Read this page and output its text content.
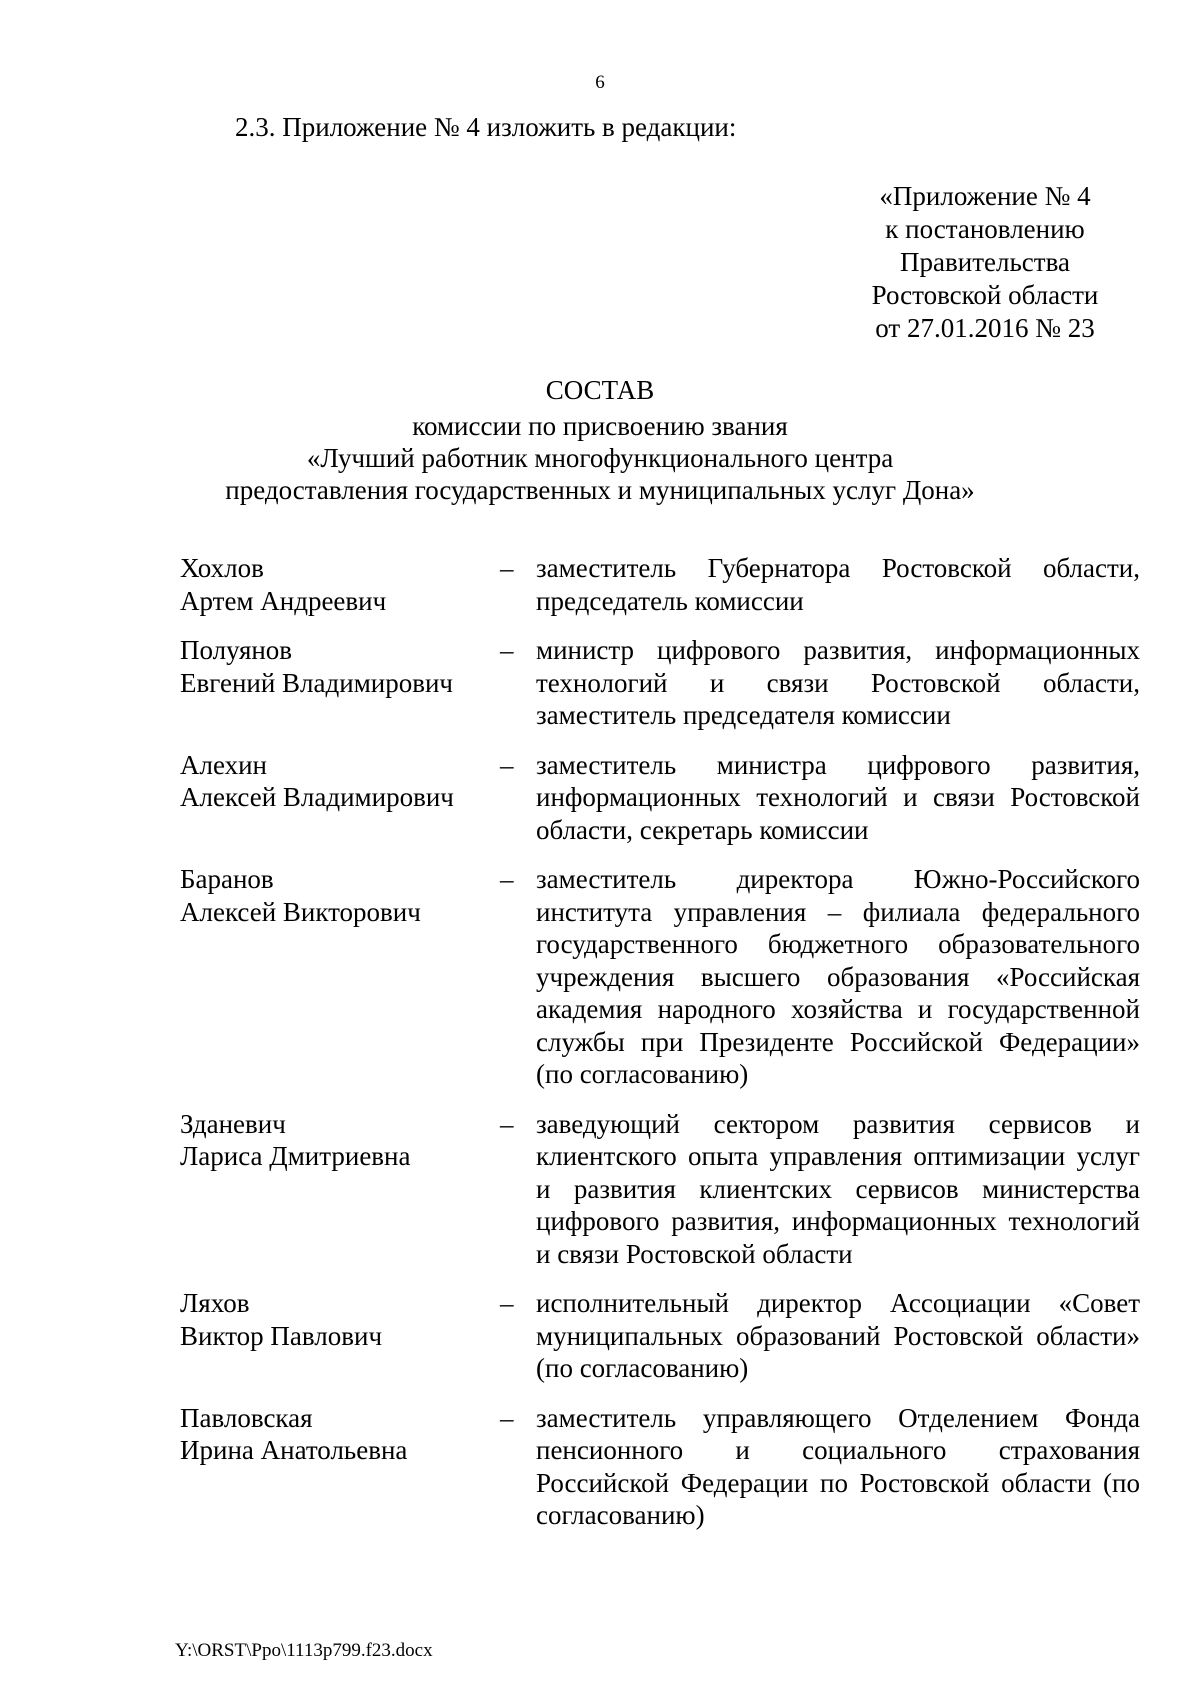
6
2.3. Приложение № 4 изложить в редакции:
«Приложение № 4
к постановлению
Правительства
Ростовской области
от 27.01.2016 № 23
СОСТАВ
комиссии по присвоению звания
«Лучший работник многофункционального центра
предоставления государственных и муниципальных услуг Дона»
Хохлов
Артем Андреевич
– заместитель Губернатора Ростовской области, председатель комиссии
Полуянов
Евгений Владимирович
– министр цифрового развития, информационных технологий и связи Ростовской области, заместитель председателя комиссии
Алехин
Алексей Владимирович
– заместитель министра цифрового развития, информационных технологий и связи Ростовской области, секретарь комиссии
Баранов
Алексей Викторович
– заместитель директора Южно-Российского института управления – филиала федерального государственного бюджетного образовательного учреждения высшего образования «Российская академия народного хозяйства и государственной службы при Президенте Российской Федерации» (по согласованию)
Зданевич
Лариса Дмитриевна
– заведующий сектором развития сервисов и клиентского опыта управления оптимизации услуг и развития клиентских сервисов министерства цифрового развития, информационных технологий и связи Ростовской области
Ляхов
Виктор Павлович
– исполнительный директор Ассоциации «Совет муниципальных образований Ростовской области» (по согласованию)
Павловская
Ирина Анатольевна
– заместитель управляющего Отделением Фонда пенсионного и социального страхования Российской Федерации по Ростовской области (по согласованию)
Y:\ORST\Ppo\1113p799.f23.docx
